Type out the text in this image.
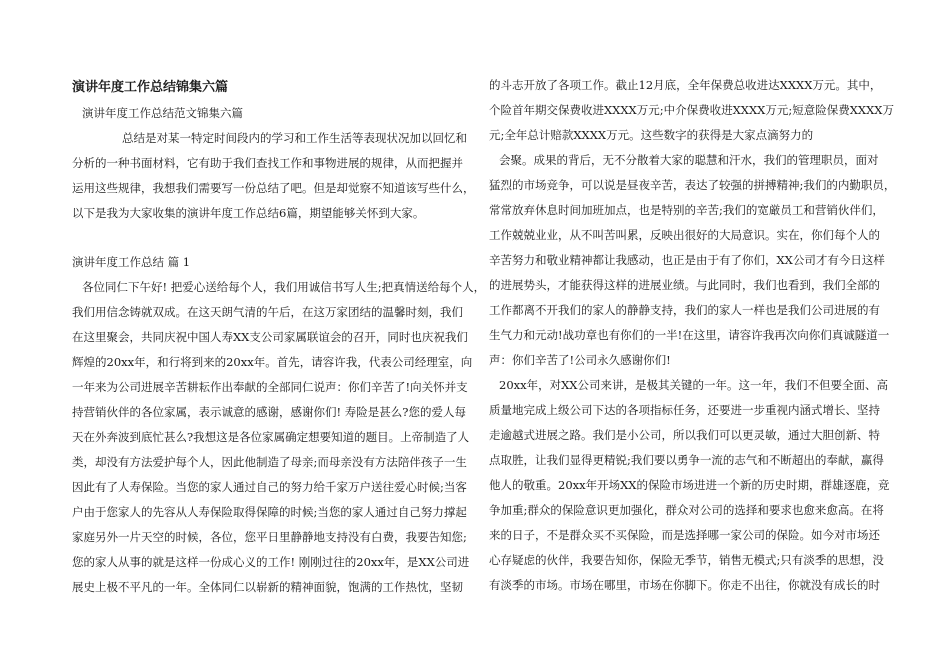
演讲年度工作总结锦集六篇
演讲年度工作总结范文锦集六篇
总结是对某一特定时间段内的学习和工作生活等表现状况加以回忆和
分析的一种书面材料，它有助于我们查找工作和事物进展的规律，从而把握并
运用这些规律，我想我们需要写一份总结了吧。但是却觉察不知道该写些什么，
以下是我为大家收集的演讲年度工作总结6篇，期望能够关怀到大家。
演讲年度工作总结 篇 1
各位同仁下午好! 把爱心送给每个人，我们用诚信书写人生;把真情送给每个人，
我们用信念铸就双成。在这天朗气清的午后，在这万家团结的温馨时刻，我们
在这里聚会，共同庆祝中国人寿XX支公司家属联谊会的召开，同时也庆祝我们
辉煌的20xx年，和行将到来的20xx年。首先，请容许我，代表公司经理室，向
一年来为公司进展辛苦耕耘作出奉献的全部同仁说声：你们辛苦了!向关怀并支
持营销伙伴的各位家属，表示诚意的感谢，感谢你们! 寿险是甚么?您的爱人每
天在外奔波到底忙甚么?我想这是各位家属确定想要知道的题目。上帝制造了人
类，却没有方法爱护每个人，因此他制造了母亲;而母亲没有方法陪伴孩子一生
因此有了人寿保险。当您的家人通过自己的努力给千家万户送往爱心时候;当客
户由于您家人的先容从人寿保险取得保障的时候;当您的家人通过自己努力撑起
家庭另外一片天空的时候，各位，您平日里静静地支持没有白费，我要告知您;
您的家人从事的就是这样一份成心义的工作! 刚刚过往的20xx年，是XX公司进
展史上极不平凡的一年。全体同仁以崭新的精神面貌，饱满的工作热忱，坚韧
的斗志开放了各项工作。截止12月底，全年保费总收进达XXXX万元。其中，
个险首年期交保费收进XXXX万元;中介保费收进XXXX万元;短意险保费XXXX万
元;全年总计赔款XXXX万元。这些数字的获得是大家点滴努力的
会聚。成果的背后，无不分散着大家的聪慧和汗水，我们的管理职员，面对
猛烈的市场竞争，可以说是昼夜辛苦，表达了较强的拼搏精神;我们的内勤职员，
常常放弃休息时间加班加点，也是特别的辛苦;我们的宽厳员工和营销伙伴们，
工作兢兢业业，从不叫苦叫累，反映出很好的大局意识。实在，你们每个人的
辛苦努力和敬业精神都让我感动，也正是由于有了你们，XX公司才有今日这样
的进展势头，才能获得这样的进展业绩。与此同时，我们也看到，我们全部的
工作都离不开我们的家人的静静支持，我们的家人一样也是我们公司进展的有
生气力和元动!战功章也有你们的一半!在这里，请容许我再次向你们真诚隧道一
声：你们辛苦了!公司永久感谢你们!
20xx年，对XX公司来讲，是极其关键的一年。这一年，我们不但要全面、高
质量地完成上级公司下达的各项指标任务，还要进一步重视内涵式增长、坚持
走逾越式进展之路。我们是小公司，所以我们可以更灵敏，通过大胆创新、特
点取胜，让我们显得更精锐;我们要以勇争一流的志气和不断超出的奉献，赢得
他人的敬重。20xx年开场XX的保险市场进进一个新的历史时期，群雄逐鹿，竞
争加重;群众的保险意识更加强化，群众对公司的选择和要求也愈来愈高。在将
来的日子，不是群众买不买保险，而是选择哪一家公司的保险。如今对市场还
心存疑虑的伙伴，我要告知你，保险无季节，销售无模式;只有淡季的思想，没
有淡季的市场。市场在哪里，市场在你脚下。你走不出往，你就没有成长的时
